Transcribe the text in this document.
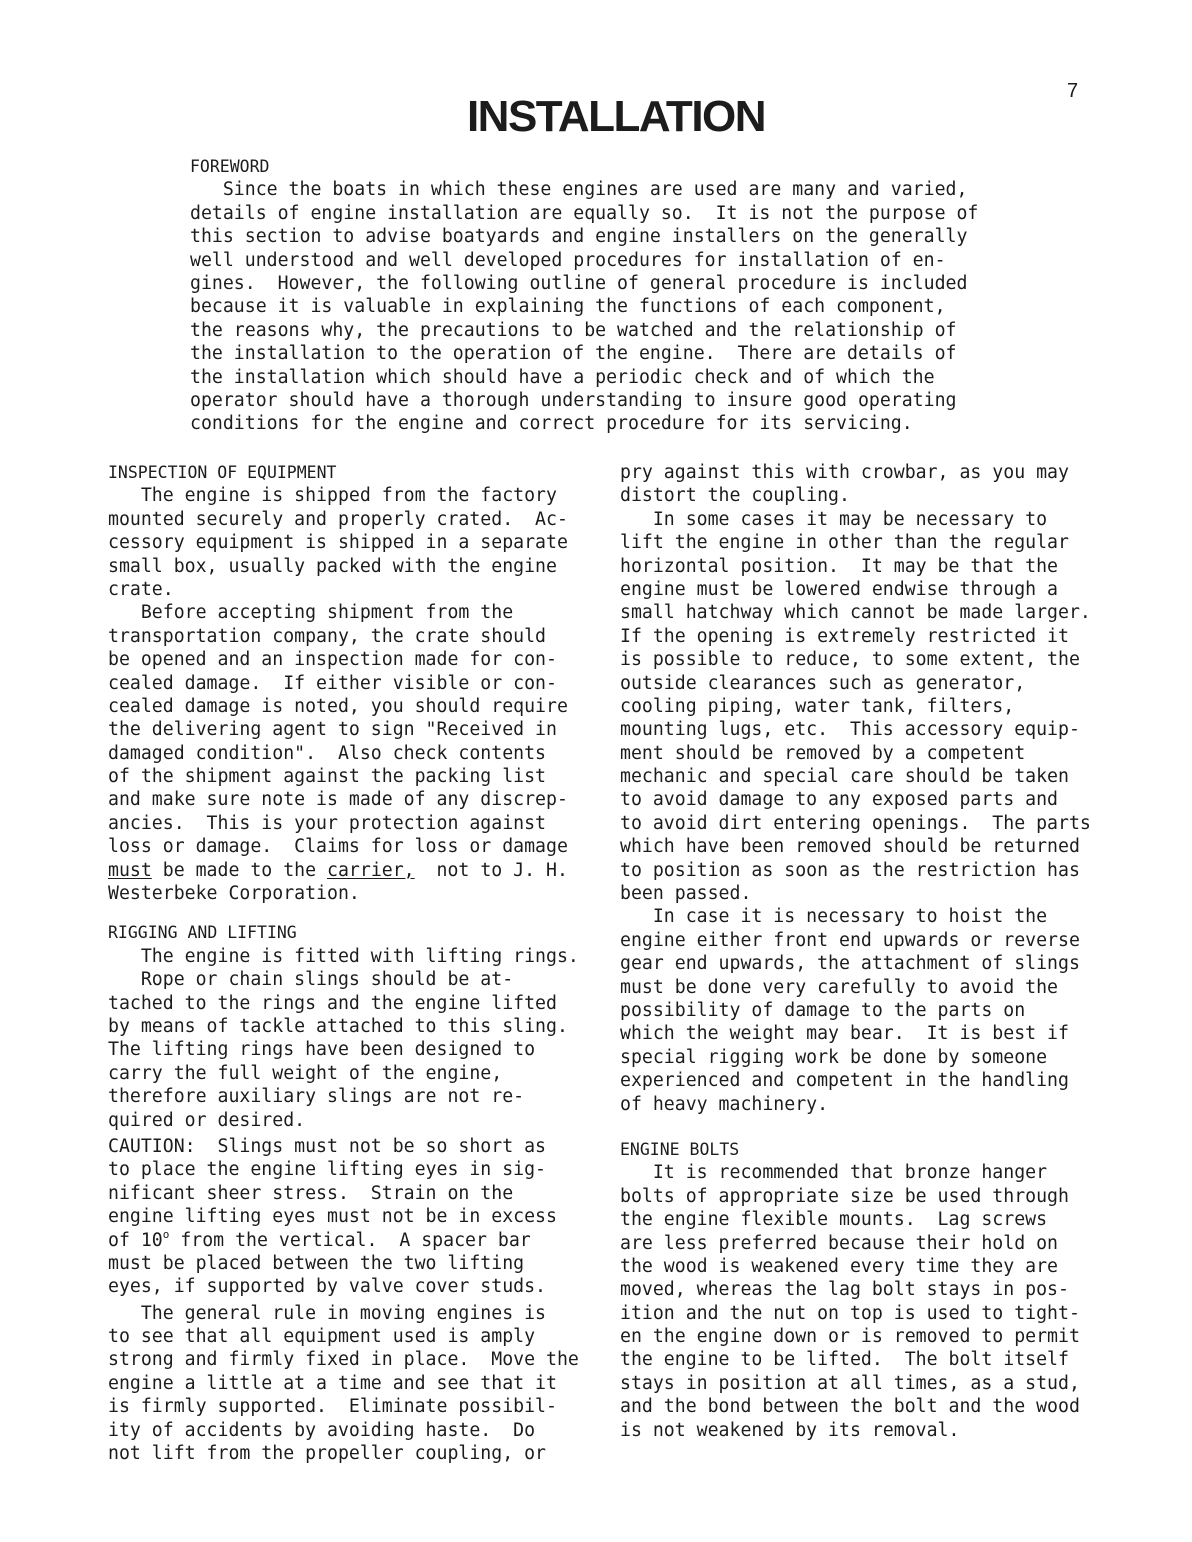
7
INSTALLATION
FOREWORD
Since the boats in which these engines are used are many and varied,
details of engine installation are equally so.  It is not the purpose of
this section to advise boatyards and engine installers on the generally
well understood and well developed procedures for installation of en-
gines.  However, the following outline of general procedure is included
because it is valuable in explaining the functions of each component,
the reasons why, the precautions to be watched and the relationship of
the installation to the operation of the engine.  There are details of
the installation which should have a periodic check and of which the
operator should have a thorough understanding to insure good operating
conditions for the engine and correct procedure for its servicing.
INSPECTION OF EQUIPMENT
The engine is shipped from the factory
mounted securely and properly crated.  Ac-
cessory equipment is shipped in a separate
small box, usually packed with the engine
crate.
Before accepting shipment from the
transportation company, the crate should
be opened and an inspection made for con-
cealed damage.  If either visible or con-
cealed damage is noted, you should require
the delivering agent to sign "Received in
damaged condition".  Also check contents
of the shipment against the packing list
and make sure note is made of any discrep-
ancies.  This is your protection against
loss or damage.  Claims for loss or damage
must be made to the carrier,  not to J. H.
Westerbeke Corporation.
RIGGING AND LIFTING
The engine is fitted with lifting rings.
Rope or chain slings should be at-
tached to the rings and the engine lifted
by means of tackle attached to this sling.
The lifting rings have been designed to
carry the full weight of the engine,
therefore auxiliary slings are not re-
quired or desired.
CAUTION:  Slings must not be so short as
to place the engine lifting eyes in sig-
nificant sheer stress.  Strain on the
engine lifting eyes must not be in excess
of 10$^o$ from the vertical.  A spacer bar
must be placed between the two lifting
eyes, if supported by valve cover studs.
The general rule in moving engines is
to see that all equipment used is amply
strong and firmly fixed in place.  Move the
engine a little at a time and see that it
is firmly supported.  Eliminate possibil-
ity of accidents by avoiding haste.  Do
not lift from the propeller coupling, or
pry against this with crowbar, as you may
distort the coupling.
In some cases it may be necessary to
lift the engine in other than the regular
horizontal position.  It may be that the
engine must be lowered endwise through a
small hatchway which cannot be made larger.
If the opening is extremely restricted it
is possible to reduce, to some extent, the
outside clearances such as generator,
cooling piping, water tank, filters,
mounting lugs, etc.  This accessory equip-
ment should be removed by a competent
mechanic and special care should be taken
to avoid damage to any exposed parts and
to avoid dirt entering openings.  The parts
which have been removed should be returned
to position as soon as the restriction has
been passed.
In case it is necessary to hoist the
engine either front end upwards or reverse
gear end upwards, the attachment of slings
must be done very carefully to avoid the
possibility of damage to the parts on
which the weight may bear.  It is best if
special rigging work be done by someone
experienced and competent in the handling
of heavy machinery.
ENGINE BOLTS
It is recommended that bronze hanger
bolts of appropriate size be used through
the engine flexible mounts.  Lag screws
are less preferred because their hold on
the wood is weakened every time they are
moved, whereas the lag bolt stays in pos-
ition and the nut on top is used to tight-
en the engine down or is removed to permit
the engine to be lifted.  The bolt itself
stays in position at all times, as a stud,
and the bond between the bolt and the wood
is not weakened by its removal.
